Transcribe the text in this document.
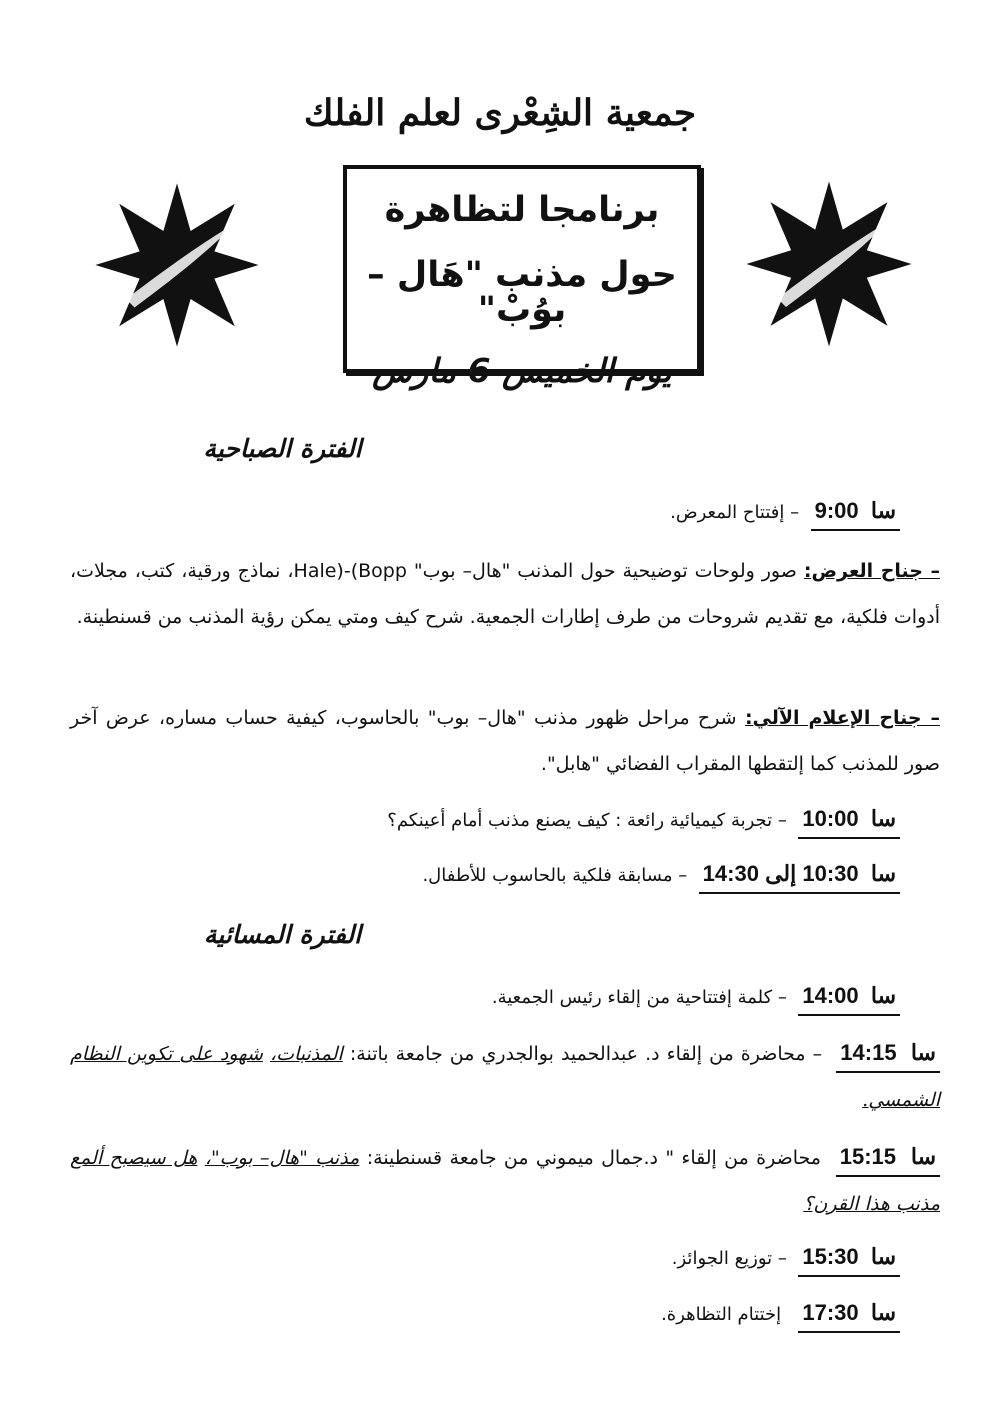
جمعية الشِعْرى لعلم الفلك
برنامجا لتظاهرة
حول مذنب "هَال – بوُبْ"
يوم الخميس 6 مارس
الفترة الصباحية
سا  9:00  – إفتتاح المعرض.
– جناح العرض: صور ولوحات توضيحية حول المذنب "هال– بوب" Hale)-(Bopp، نماذج ورقية، كتب، مجلات، أدوات فلكية، مع تقديم شروحات من طرف إطارات الجمعية. شرح كيف ومتي يمكن رؤية المذنب من قسنطينة.
– جناح الإعلام الآلي: شرح مراحل ظهور مذنب "هال– بوب" بالحاسوب، كيفية حساب مساره، عرض آخر صور للمذنب كما إلتقطها المقراب الفضائي "هابل".
سا  10:00  – تجربة كيميائية رائعة : كيف يصنع مذنب أمام أعينكم؟
سا  10:30 إلى 14:30  – مسابقة فلكية بالحاسوب للأطفال.
الفترة المسائية
سا  14:00  – كلمة إفتتاحية من إلقاء رئيس الجمعية.
سا  14:15  – محاضرة من إلقاء د. عبدالحميد بوالجدري من جامعة باتنة: المذنبات، شهود على تكوين النظام الشمسي.
سا  15:15  محاضرة من إلقاء " د.جمال ميموني من جامعة قسنطينة: مذنب "هال– بوب"، هل سيصبح ألمع مذنب هذا القرن؟
سا  15:30  – توزيع الجوائز.
سا  17:30   إختتام التظاهرة.
